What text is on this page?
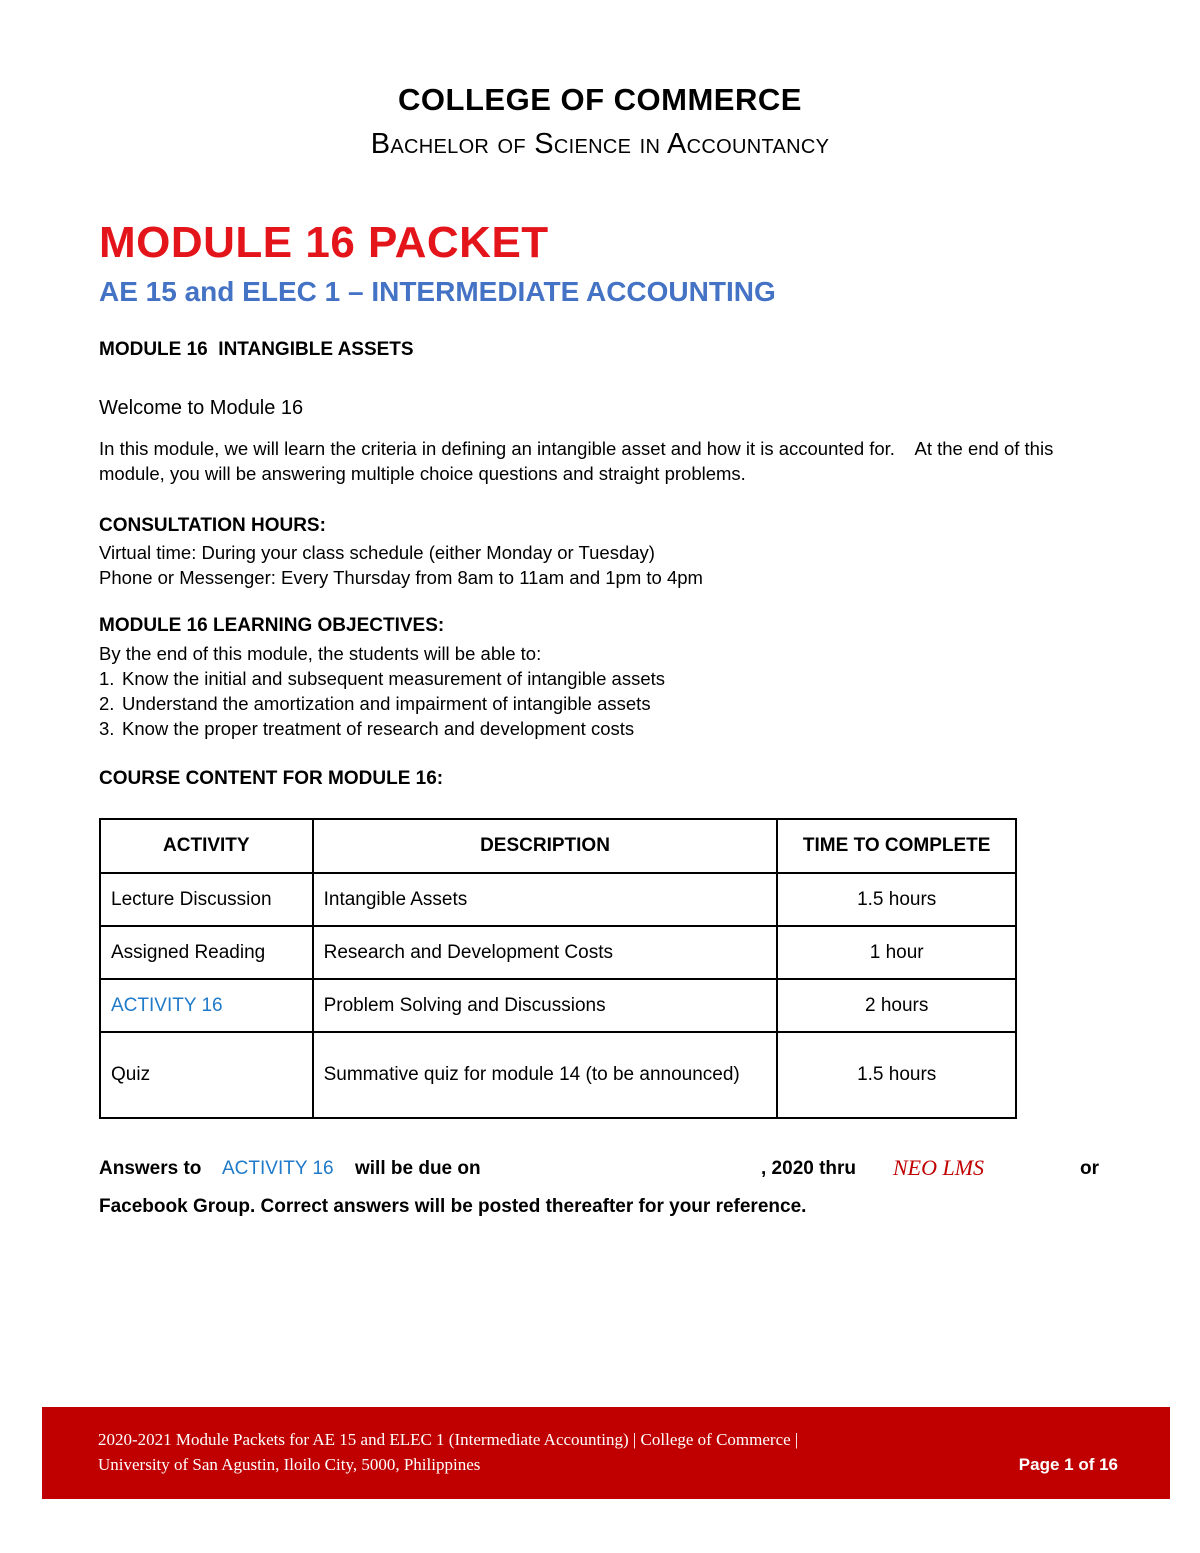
COLLEGE OF COMMERCE
Bachelor of Science in Accountancy
MODULE 16 PACKET
AE 15 and ELEC 1 – INTERMEDIATE ACCOUNTING
MODULE 16  INTANGIBLE ASSETS
Welcome to Module 16
In this module, we will learn the criteria in defining an intangible asset and how it is accounted for.    At the end of this module, you will be answering multiple choice questions and straight problems.
CONSULTATION HOURS:
Virtual time: During your class schedule (either Monday or Tuesday)
Phone or Messenger: Every Thursday from 8am to 11am and 1pm to 4pm
MODULE 16 LEARNING OBJECTIVES:
By the end of this module, the students will be able to:
1. Know the initial and subsequent measurement of intangible assets
2. Understand the amortization and impairment of intangible assets
3. Know the proper treatment of research and development costs
COURSE CONTENT FOR MODULE 16:
ACTIVITY	DESCRIPTION	TIME TO COMPLETE
Lecture Discussion	Intangible Assets	1.5 hours
Assigned Reading	Research and Development Costs	1 hour
ACTIVITY 16	Problem Solving and Discussions	2 hours
Quiz	Summative quiz for module 14 (to be announced)	1.5 hours
Answers to ACTIVITY 16 will be due on	, 2020 thru NEO LMS	or
Facebook Group. Correct answers will be posted thereafter for your reference.
2020-2021 Module Packets for AE 15 and ELEC 1 (Intermediate Accounting) | College of Commerce |
University of San Agustin, Iloilo City, 5000, Philippines	Page 1 of 16
